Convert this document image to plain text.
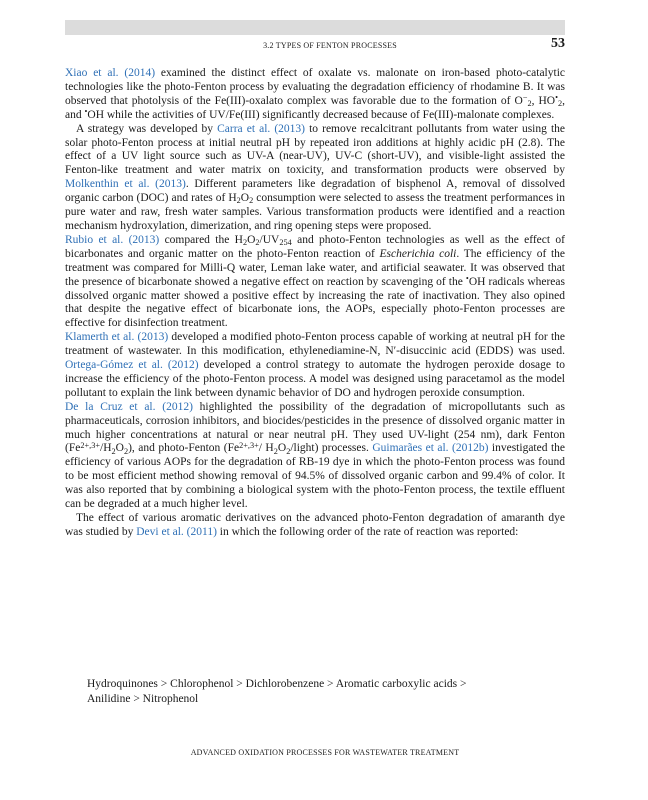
3.2 TYPES OF FENTON PROCESSES	53

Xiao et al. (2014) examined the distinct effect of oxalate vs. malonate on iron-based photo-catalytic technologies like the photo-Fenton process by evaluating the degradation efficiency of rhodamine B. It was observed that photolysis of the Fe(III)-oxalato complex was favorable due to the formation of $O^-_2$, $HO^•_2$, and •OH while the activities of UV/Fe(III) significantly decreased because of Fe(III)-malonate complexes.

A strategy was developed by Carra et al. (2013) to remove recalcitrant pollutants from water using the solar photo-Fenton process at initial neutral pH by repeated iron additions at highly acidic pH (2.8). The effect of a UV light source such as UV-A (near-UV), UV-C (short-UV), and visible-light assisted the Fenton-like treatment and water matrix on toxicity, and transformation products were observed by Molkenthin et al. (2013). Different parameters like degradation of bisphenol A, removal of dissolved organic carbon (DOC) and rates of $H_2O_2$ consumption were selected to assess the treatment performances in pure water and raw, fresh water samples. Various transformation products were identified and a reaction mechanism hydroxylation, dimerization, and ring opening steps were proposed.

Rubio et al. (2013) compared the $H_2O_2/UV_{254}$ and photo-Fenton technologies as well as the effect of bicarbonates and organic matter on the photo-Fenton reaction of Escherichia coli. The efficiency of the treatment was compared for Milli-Q water, Leman lake water, and artificial seawater. It was observed that the presence of bicarbonate showed a negative effect on reaction by scavenging of the •OH radicals whereas dissolved organic matter showed a positive effect by increasing the rate of inactivation. They also opined that despite the negative effect of bicarbonate ions, the AOPs, especially photo-Fenton processes are effective for disinfection treatment.

Klamerth et al. (2013) developed a modified photo-Fenton process capable of working at neutral pH for the treatment of wastewater. In this modification, ethylenediamine-N, N′-disuccinic acid (EDDS) was used. Ortega-Gómez et al. (2012) developed a control strategy to automate the hydrogen peroxide dosage to increase the efficiency of the photo-Fenton process. A model was designed using paracetamol as the model pollutant to explain the link between dynamic behavior of DO and hydrogen peroxide consumption.

De la Cruz et al. (2012) highlighted the possibility of the degradation of micropollutants such as pharmaceuticals, corrosion inhibitors, and biocides/pesticides in the presence of dissolved organic matter in much higher concentrations at natural or near neutral pH. They used UV-light (254 nm), dark Fenton $(Fe^{2+,3+}/H_2O_2)$, and photo-Fenton ($Fe^{2+,3+}/$ $H_2O_2/light$) processes. Guimarães et al. (2012b) investigated the efficiency of various AOPs for the degradation of RB-19 dye in which the photo-Fenton process was found to be most efficient method showing removal of 94.5% of dissolved organic carbon and 99.4% of color. It was also reported that by combining a biological system with the photo-Fenton process, the textile effluent can be degraded at a much higher level.

The effect of various aromatic derivatives on the advanced photo-Fenton degradation of amaranth dye was studied by Devi et al. (2011) in which the following order of the rate of reaction was reported:

Hydroquinones > Chlorophenol > Dichlorobenzene > Aromatic carboxylic acids >
Anilidine > Nitrophenol
ADVANCED OXIDATION PROCESSES FOR WASTEWATER TREATMENT
